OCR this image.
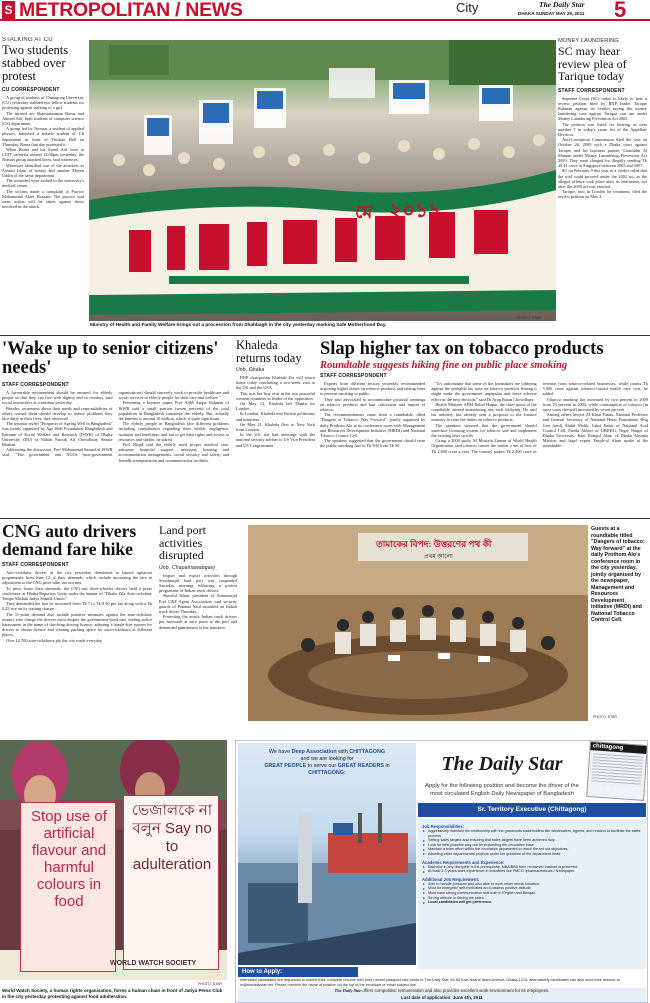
S METROPOLITAN / NEWS	City	The Daily Star
DHAKA SUNDAY MAY 29, 2011 5
STALKING AT CU
Two students stabbed over protest
CU CORRESPONDENT

A group of students of Chittagong University (CU) yesterday stabbed two fellow students for protesting against stalking of a girl.

The injured are Shamiuzzaman Barua and Ahmed Atif, both students of computer science (CS) department.

A group led by Noman, a student of applied physics, harassed a female student of CS department in front of Pritilata Hall on Thursday. Barua that day protested it.

When Barua and his friend Atif were at CUIT cafeteria around 12:00pm yesterday, the Noman group attacked them, said witnesses.

Witnesses identified one of the attackers as Zahirul Islam of botany and another Moeen Uddin of the same department.

The wounded were rushed to the university's medical centre.

The victims made a complaint to Proctor Mohammad Akter Hossain. The proctor said stern action will be taken against those involved in the attack.	২০১১
মে
Ministry of Health and Family Welfare brings out a procession from Shahbagh in the city yesterday marking Safe Motherhood Day.
PHOTO: STAR
MONEY LAUNDERING
SC may hear review plea of Tarique today
STAFF CORRESPONDENT

Supreme Court (SC) today is likely to hear a review petition filed by BNP leader Tarique Rahman against its verdict saying the money laundering case against Tarique can run under Money Laundering Prevention Act 2002.

The petition was listed for hearing as item number 7 in today's cause list of the Appellate Division.

Anti-Corruption Commission filed the case on October 26, 2009 with a Dhaka court against Tarique and his business partner Giasuddin Al Mamun under Money Laundering Prevention Act 2009. They were charged for illegally sending Tk 20.41 crore to Singapore between 2003 and 2007.

SC on February 9 this year in a verdict ruled that the trial could proceed under the 2002 act, as the alleged offence took place after its enactment, not after the 2009 act was enacted.

Tarique, now in London for treatment, filed the review petition on May 2.

'Wake up to senior citizens' needs'
STAFF CORRESPONDENT

A favourable environment should be ensured for elderly people so that they can live with dignity and in comfort, said social researchers at a seminar yesterday.

Besides, awareness about their needs and responsibilities of others toward them should develop to reduce problems they face daily in their lives, they observed.

The seminar styled "Prospects of Ageing Well in Bangladesh" was jointly organised by Age Well Foundation Bangladesh and Institute of Social Welfare and Research (ISWR) of Dhaka University (DU) at Nabab Nawab Ali Chowdhury Senate Bhaban.

Addressing the discussion, Prof Mohammad Samad of ISWR said, "The government and NGOs (non-government organisations) should sincerely work to provide healthcare and social services to elderly people for their care and welfare."

Presenting a keynote paper, Prof ASM Atiqur Rahman of ISWR said a small portion (seven percent) of the total population in Bangladesh constitute the elderly. But, actually the number is around 10 million, which is quite significant.

The elderly people in Bangladesh face different problems including complexities regarding their health, negligence, isolation and loneliness, and fail to get their rights and access to resources and shelter, he stated.

Prof Majid said the elderly need proper medical care, adequate financial support, necessary housing and accommodation arrangements, social security and safety, and friendly transportation and communication facilities.

Khaleda returns today
Unb, Dhaka

BNP chairperson Khaleda Zia will return home today concluding a two-week visit to the UK and the USA.

This was her first visit in the two powerful western countries as leader of the opposition.

On May 14, Khaleda left Dhaka for London.

In London, Khaleda met British politicians and ministers.

On May 21, Khaleda flew to New York from London.

In the US, she had meetings with the national security adviser to US Vice President and US Congressmen.

Slap higher tax on tobacco products
Roundtable suggests hiking fine on public place smoking
STAFF CORRESPONDENT

Experts from different sectors yesterday recommended imposing higher duties on tobacco products and raising fines to prevent smoking in public.

They also advocated to accommodate pictorial warnings on tobacco products and ban cultivation and import of tobacco.

The recommendations came from a roundtable, titled "Dangers of Tobacco: Way Forward", jointly organised by daily Prothom Alo at its conference room with Management and Resources Development Initiative (MRDI) and National Tobacco Control Cell.

The speakers suggested that the government should raise the public-smoking fine to Tk 500 from Tk 50.

"It's unfortunate that some of the lawmakers are lobbying against the probable tax raise on tobacco products fearing it might make the government unpopular and leave adverse effect in the next election," said Dr Arup Ratan Chowdhury.

Health Minister AFM Ruhal Haque, the chief guest of the roundtable, denied entertaining any such lobbying. He said his ministry has already sent a proposal to the finance ministry to raise the duties on tobacco products.

The speakers stressed that the government should introduce licensing system for tobacco sale and implement the existing laws strictly.

Citing a 2004 study, M Mostafa Zaman of World Health Organisation said tobacco causes the nation a net of loss of Tk 2,600 crore a year. The country makes Tk 2,400 crore as revenue from tobacco-related businesses, while counts Tk 5,000 crore against tobacco-caused health care cost, he added.

Tobacco smoking has increased by two percent in 2009 from 23 percent in 2004, while consumption of tobacco (in most cases chewed) increased by seven percent.

Among others lawyer ZI Khan Panna, National Professor and General Secretary of National Heart Foundation Brig Gen (retd) Abdul Malik, Iqbal Kabir of National Acid Control Cell, Farida Akhter of UBINIG, Nigar Nargis of Dhaka University, Kazi Rafiqul Alam of Dhaka Ahsania Mission and legal expert Tanjib-ul Alam spoke at the roundtable.

CNG auto drivers demand fare hike
STAFF CORRESPONDENT

Auto-rickshaw drivers in the city yesterday threatened to launch agitation programmes from June 12, if their demands, which include increasing the fare in adjustment to the CNG price hike, are not met.

To press home their demands, the CNG-run three-wheeler drivers held a press conference at Dhaka Reporters Unity under the banner of "Dhaka Zila Auto-rickshaw Tempo Mishuk Jatiya Sramik Union."

They demanded the fare be increased from Tk 7 to Tk 8.50 per km along with a Tk 0.25 rise on its waiting charge.

The 11-point demand also include punitive measures against the auto-rickshaw owners who charge the drivers extra despite the government-fixed rate, ending police harassment in the name of checking driving licence, adapting a hassle-free system for drivers to obtain licence and creating parking space for auto-rickshaws at different places.

Over 12,700 auto-rickshaws ply the city roads everyday.

Land port activities disrupted
Unb, Chapainawabganj

Import and export activities through Sonamasjid land port was suspended Saturday morning following a protest programme of Indian truck drivers.

Shariful Islam, president of Sonamasjid Port C&F Agent Association, said security guards of Panama Yard assaulted an Indian truck driver Thursday.

Protesting the attack Indian truck drivers put barricade at zero point at the port and demanded punishment to the attackers.

তামাকের বিপদ: উত্তরণের পথ কী
প্রথম আলো
Guests at a roundtable titled "Dangers of tobacco: Way forward" at the daily Prothom Alo's conference room in the city yesterday, jointly organised by the newspaper, Management and Resources Development Initiative (MRDI) and National Tobacco Control Cell.
PHOTO: STAR
Stop use of artificial flavour and harmful colours in food
ভেজালকে না বলুন Say no to adulteration
WORLD WATCH SOCIETY
PHOTO: STAR
World Watch Society, a human rights organisation, forms a human chain in front of Jatiya Press Club in the city yesterday protesting against food adulteration.
We have Deep Association with CHITTAGONG
and we are looking for
GREAT PEOPLE to serve our GREAT READERS in
CHITTAGONG:	The Daily Star
chittagong
Apply for the following position and become the driver of the most circulated English Daily Newspaper of Bangladesh
Sr. Territory Executive (Chittagong)
Job Responsibilities:
Aggressively maintain the relationship with the grassroots stakeholders like wholesalers, Agents, and readers to facilitate the sales process.
Setting sales targets and ensuring that sales targets have been achieved duly.
Look for best possible way out for expanding the circulation base.
Maintain a team effort within the circulation department to reach the set out objectives.
Assisting other departmental projects under the guideline of the department head.
Academic Requirements and Experience:
Bachelor in any discipline is the prerequisite. MBA/BBA from renowned institute is preferred.
At least 2-3 years work experience in industries like FMCG /pharmaceuticals / Newspaper.
Additional Job Requirement:
Able to handle pressure and also able to work under stress situation.
Must be energetic, self-motivated and possess positive attitude.
Must have strong communication skill both in English and Bengali.
Strong attitude in driving the sales.
Local candidates will get preference.
How to Apply:
Interested candidates are requested to submit their complete resume with (one) recent passport size photo to The Daily Star, 64-65 Kazi Nazrul Islam Avenue, Dhaka-1215; alternatively candidates can also send their resume to hr@thedailystar.net. Please mention the name of position on the top of the envelope or email subject line.
The Daily Star offers competitive remuneration and also provides excellent work environment for its employees.
Last date of application: June 4th, 2011
